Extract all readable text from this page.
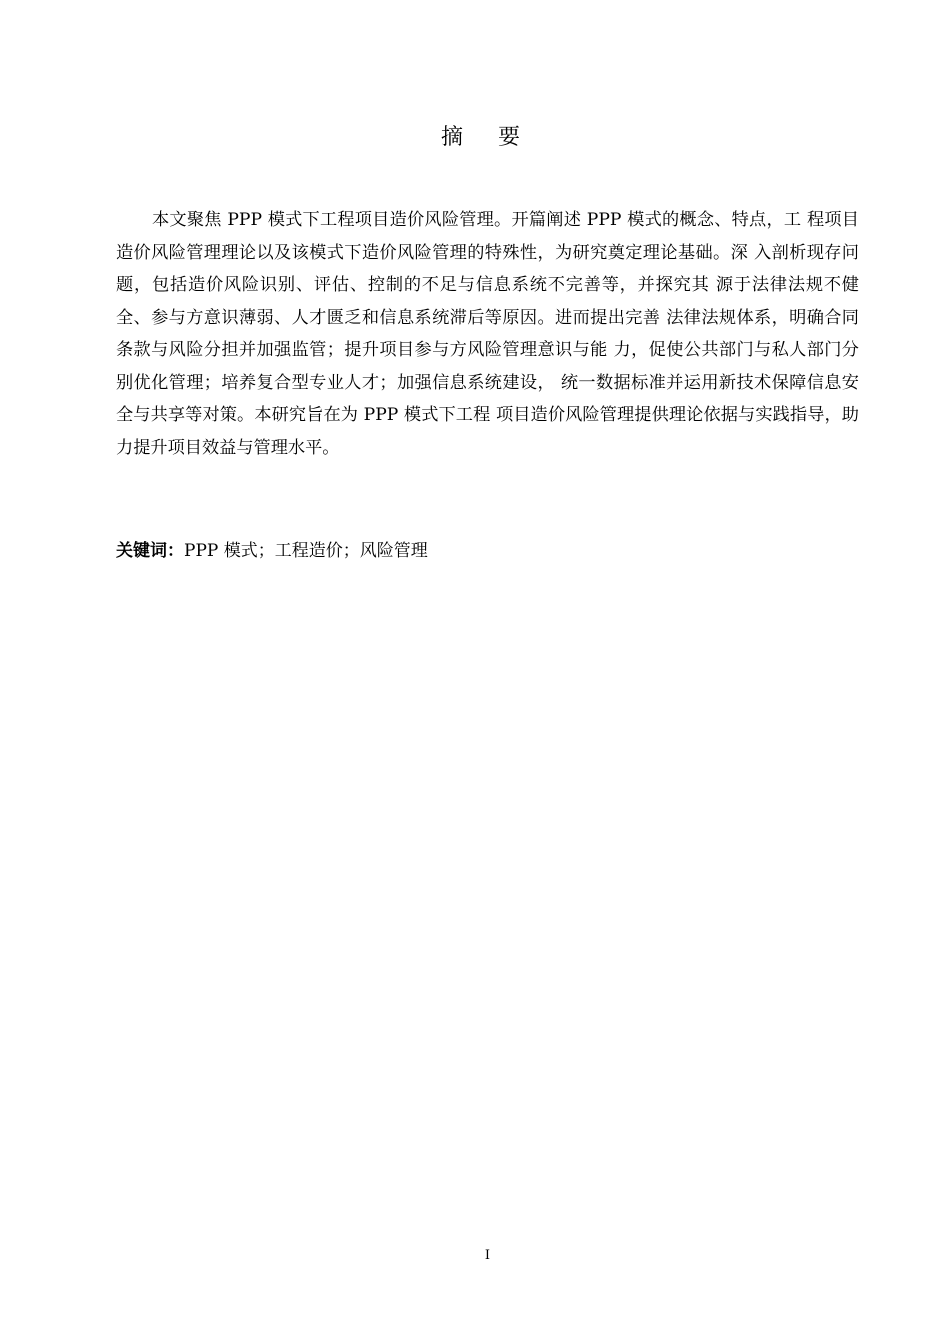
摘 要

本文聚焦 PPP 模式下工程项目造价风险管理。开篇阐述 PPP 模式的概念、特点，工 程项目造价风险管理理论以及该模式下造价风险管理的特殊性，为研究奠定理论基础。深 入剖析现存问题，包括造价风险识别、评估、控制的不足与信息系统不完善等，并探究其 源于法律法规不健全、参与方意识薄弱、人才匮乏和信息系统滞后等原因。进而提出完善 法律法规体系，明确合同条款与风险分担并加强监管；提升项目参与方风险管理意识与能 力，促使公共部门与私人部门分别优化管理；培养复合型专业人才；加强信息系统建设， 统一数据标准并运用新技术保障信息安全与共享等对策。本研究旨在为 PPP 模式下工程 项目造价风险管理提供理论依据与实践指导，助力提升项目效益与管理水平。

关键词：PPP 模式；工程造价；风险管理
I
